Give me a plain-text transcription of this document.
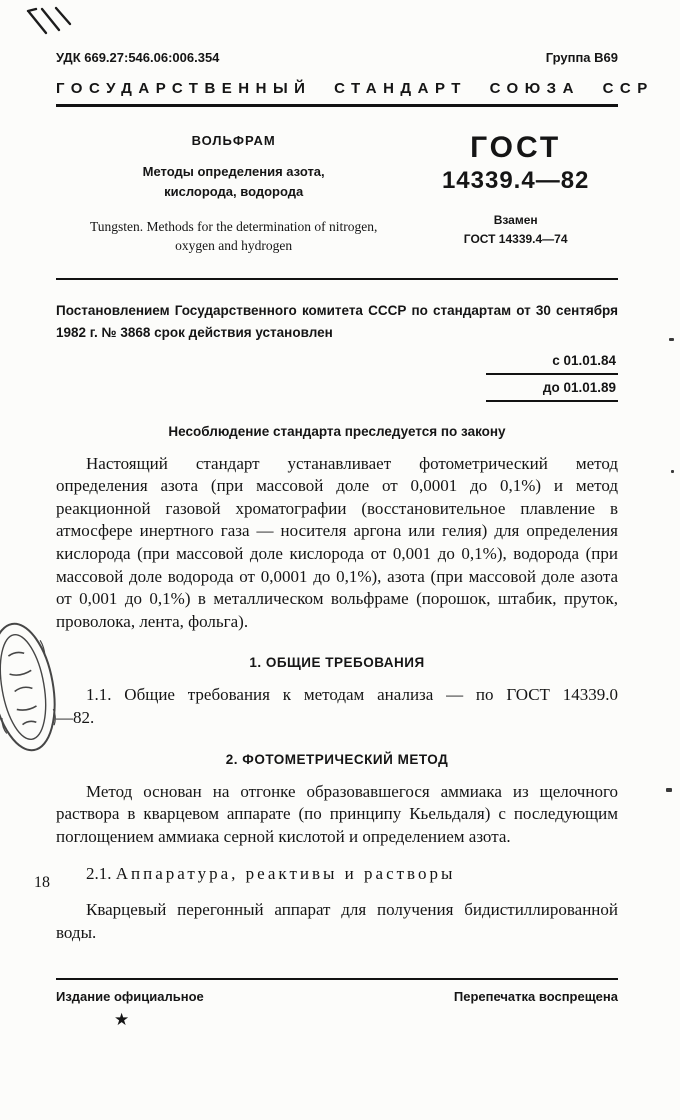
УДК 669.27:546.06:006.354	Группа В69
ГОСУДАРСТВЕННЫЙ СТАНДАРТ СОЮЗА ССР
ВОЛЬФРАМ
Методы определения азота,
кислорода, водорода
Tungsten. Methods for the determination of nitrogen,
oxygen and hydrogen
ГОСТ
14339.4—82
Взамен
ГОСТ 14339.4—74
Постановлением Государственного комитета СССР по стандартам от 30 сентября 1982 г. № 3868 срок действия установлен
с 01.01.84
до 01.01.89
Несоблюдение стандарта преследуется по закону
Настоящий стандарт устанавливает фотометрический метод определения азота (при массовой доле от 0,0001 до 0,1%) и метод реакционной газовой хроматографии (восстановительное плавление в атмосфере инертного газа — носителя аргона или гелия) для определения кислорода (при массовой доле кислорода от 0,001 до 0,1%), водорода (при массовой доле водорода от 0,0001 до 0,1%), азота (при массовой доле азота от 0,001 до 0,1%) в металлическом вольфраме (порошок, штабик, пруток, проволока, лента, фольга).
1. ОБЩИЕ ТРЕБОВАНИЯ
1.1. Общие требования к методам анализа — по ГОСТ 14339.0—82.
2. ФОТОМЕТРИЧЕСКИЙ МЕТОД
Метод основан на отгонке образовавшегося аммиака из щелочного раствора в кварцевом аппарате (по принципу Кьельдаля) с последующим поглощением аммиака серной кислотой и определением азота.
2.1. Аппаратура, реактивы и растворы
Кварцевый перегонный аппарат для получения бидистиллированной воды.
Издание официальное	Перепечатка воспрещена
★
18
